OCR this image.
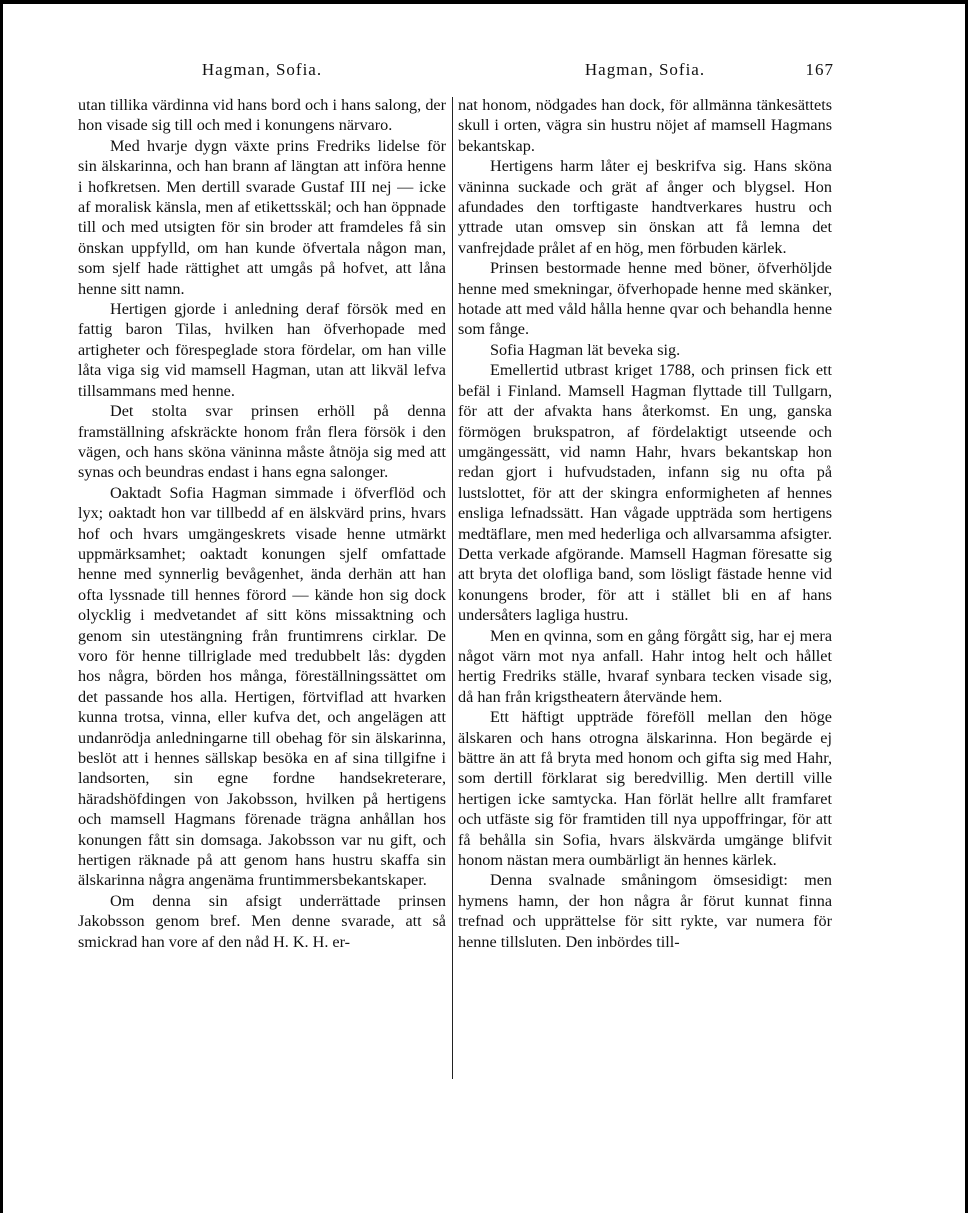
Hagman, Sofia.	Hagman, Sofia.	167

utan tillika värdinna vid hans bord och i hans salong, der hon visade sig till och med i konungens närvaro.

Med hvarje dygn växte prins Fredriks lidelse för sin älskarinna, och han brann af längtan att införa henne i hofkretsen. Men dertill svarade Gustaf III nej — icke af moralisk känsla, men af etikettsskäl; och han öppnade till och med utsigten för sin broder att framdeles få sin önskan uppfylld, om han kunde öfvertala någon man, som sjelf hade rättighet att umgås på hofvet, att låna henne sitt namn.

Hertigen gjorde i anledning deraf försök med en fattig baron Tilas, hvilken han öfverhopade med artigheter och förespeglade stora fördelar, om han ville låta viga sig vid mamsell Hagman, utan att likväl lefva tillsammans med henne.

Det stolta svar prinsen erhöll på denna framställning afskräckte honom från flera försök i den vägen, och hans sköna väninna måste åtnöja sig med att synas och beundras endast i hans egna salonger.

Oaktadt Sofia Hagman simmade i öfverflöd och lyx; oaktadt hon var tillbedd af en älskvärd prins, hvars hof och hvars umgängeskrets visade henne utmärkt uppmärksamhet; oaktadt konungen sjelf omfattade henne med synnerlig bevågenhet, ända derhän att han ofta lyssnade till hennes förord — kände hon sig dock olycklig i medvetandet af sitt köns missaktning och genom sin utestängning från fruntimrens cirklar. De voro för henne tillriglade med tredubbelt lås: dygden hos några, börden hos många, föreställningssättet om det passande hos alla. Hertigen, förtviflad att hvarken kunna trotsa, vinna, eller kufva det, och angelägen att undanrödja anledningarne till obehag för sin älskarinna, beslöt att i hennes sällskap besöka en af sina tillgifne i landsorten, sin egne fordne handsekreterare, häradshöfdingen von Jakobsson, hvilken på hertigens och mamsell Hagmans förenade trägna anhållan hos konungen fått sin domsaga. Jakobsson var nu gift, och hertigen räknade på att genom hans hustru skaffa sin älskarinna några angenäma fruntimmersbekantskaper.

Om denna sin afsigt underrättade prinsen Jakobsson genom bref. Men denne svarade, att så smickrad han vore af den nåd H. K. H. er-

nat honom, nödgades han dock, för allmänna tänkesättets skull i orten, vägra sin hustru nöjet af mamsell Hagmans bekantskap.

Hertigens harm låter ej beskrifva sig. Hans sköna väninna suckade och grät af ånger och blygsel. Hon afundades den torftigaste handtverkares hustru och yttrade utan omsvep sin önskan att få lemna det vanfrejdade prålet af en hög, men förbuden kärlek.

Prinsen bestormade henne med böner, öfverhöljde henne med smekningar, öfverhopade henne med skänker, hotade att med våld hålla henne qvar och behandla henne som fånge.

Sofia Hagman lät beveka sig.

Emellertid utbrast kriget 1788, och prinsen fick ett befäl i Finland. Mamsell Hagman flyttade till Tullgarn, för att der afvakta hans återkomst. En ung, ganska förmögen brukspatron, af fördelaktigt utseende och umgängessätt, vid namn Hahr, hvars bekantskap hon redan gjort i hufvudstaden, infann sig nu ofta på lustslottet, för att der skingra enformigheten af hennes ensliga lefnadssätt. Han vågade uppträda som hertigens medtäflare, men med hederliga och allvarsamma afsigter. Detta verkade afgörande. Mamsell Hagman föresatte sig att bryta det olofliga band, som lösligt fästade henne vid konungens broder, för att i stället bli en af hans undersåters lagliga hustru.

Men en qvinna, som en gång förgått sig, har ej mera något värn mot nya anfall. Hahr intog helt och hållet hertig Fredriks ställe, hvaraf synbara tecken visade sig, då han från krigstheatern återvände hem.

Ett häftigt uppträde föreföll mellan den höge älskaren och hans otrogna älskarinna. Hon begärde ej bättre än att få bryta med honom och gifta sig med Hahr, som dertill förklarat sig beredvillig. Men dertill ville hertigen icke samtycka. Han förlät hellre allt framfaret och utfäste sig för framtiden till nya uppoffringar, för att få behålla sin Sofia, hvars älskvärda umgänge blifvit honom nästan mera oumbärligt än hennes kärlek.

Denna svalnade småningom ömsesidigt: men hymens hamn, der hon några år förut kunnat finna trefnad och upprättelse för sitt rykte, var numera för henne tillsluten. Den inbördes till-
